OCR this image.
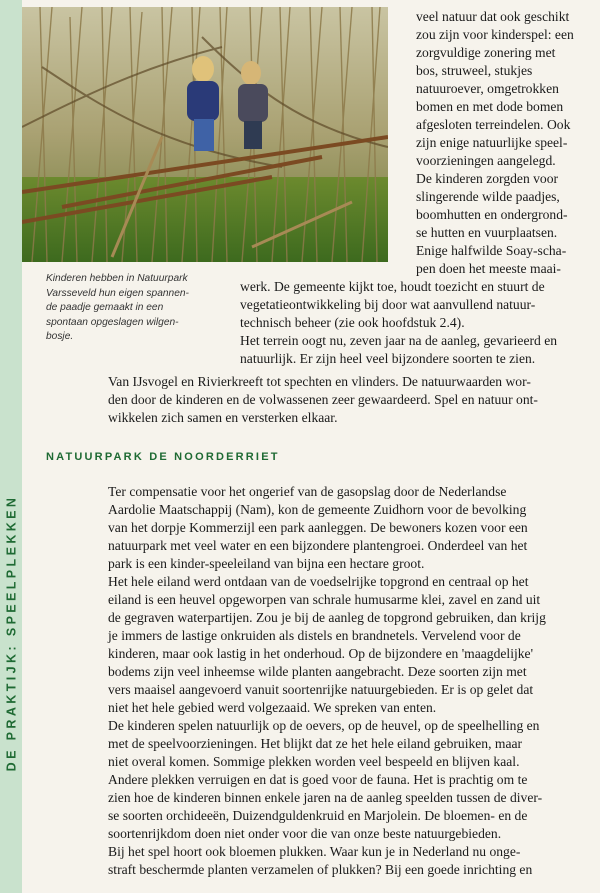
DE PRAKTIJK: SPEELPLEKKEN
Kinderen hebben in Natuurpark
Varsseveld hun eigen spannen-
de paadje gemaakt in een
spontaan opgeslagen wilgen-
bosje.
veel natuur dat ook geschikt
zou zijn voor kinderspel: een
zorgvuldige zonering met
bos, struweel, stukjes
natuuroever, omgetrokken
bomen en met dode bomen
afgesloten terreindelen. Ook
zijn enige natuurlijke speel-
voorzieningen aangelegd.
De kinderen zorgden voor
slingerende wilde paadjes,
boomhutten en ondergrond-
se hutten en vuurplaatsen.
Enige halfwilde Soay-scha-
pen doen het meeste maai-
werk. De gemeente kijkt toe, houdt toezicht en stuurt de
vegetatieontwikkeling bij door wat aanvullend natuur-
technisch beheer (zie ook hoofdstuk 2.4).
Het terrein oogt nu, zeven jaar na de aanleg, gevarieerd en
natuurlijk. Er zijn heel veel bijzondere soorten te zien.
Van IJsvogel en Rivierkreeft tot spechten en vlinders. De natuurwaarden wor-
den door de kinderen en de volwassenen zeer gewaardeerd. Spel en natuur ont-
wikkelen zich samen en versterken elkaar.
NATUURPARK DE NOORDERRIET
Ter compensatie voor het ongerief van de gasopslag door de Nederlandse
Aardolie Maatschappij (Nam), kon de gemeente Zuidhorn voor de bevolking
van het dorpje Kommerzijl een park aanleggen. De bewoners kozen voor een
natuurpark met veel water en een bijzondere plantengroei. Onderdeel van het
park is een kinder-speeleiland van bijna een hectare groot.
Het hele eiland werd ontdaan van de voedselrijke topgrond en centraal op het
eiland is een heuvel opgeworpen van schrale humusarme klei, zavel en zand uit
de gegraven waterpartijen. Zou je bij de aanleg de topgrond gebruiken, dan krijg
je immers de lastige onkruiden als distels en brandnetels. Vervelend voor de
kinderen, maar ook lastig in het onderhoud. Op de bijzondere en 'maagdelijke'
bodems zijn veel inheemse wilde planten aangebracht. Deze soorten zijn met
vers maaisel aangevoerd vanuit soortenrijke natuurgebieden. Er is op gelet dat
niet het hele gebied werd volgezaaid. We spreken van enten.
De kinderen spelen natuurlijk op de oevers, op de heuvel, op de speelhelling en
met de speelvoorzieningen. Het blijkt dat ze het hele eiland gebruiken, maar
niet overal komen. Sommige plekken worden veel bespeeld en blijven kaal.
Andere plekken verruigen en dat is goed voor de fauna. Het is prachtig om te
zien hoe de kinderen binnen enkele jaren na de aanleg speelden tussen de diver-
se soorten orchideeën, Duizendguldenkruid en Marjolein. De bloemen- en de
soortenrijkdom doen niet onder voor die van onze beste natuurgebieden.
Bij het spel hoort ook bloemen plukken. Waar kun je in Nederland nu onge-
straft beschermde planten verzamelen of plukken? Bij een goede inrichting en
